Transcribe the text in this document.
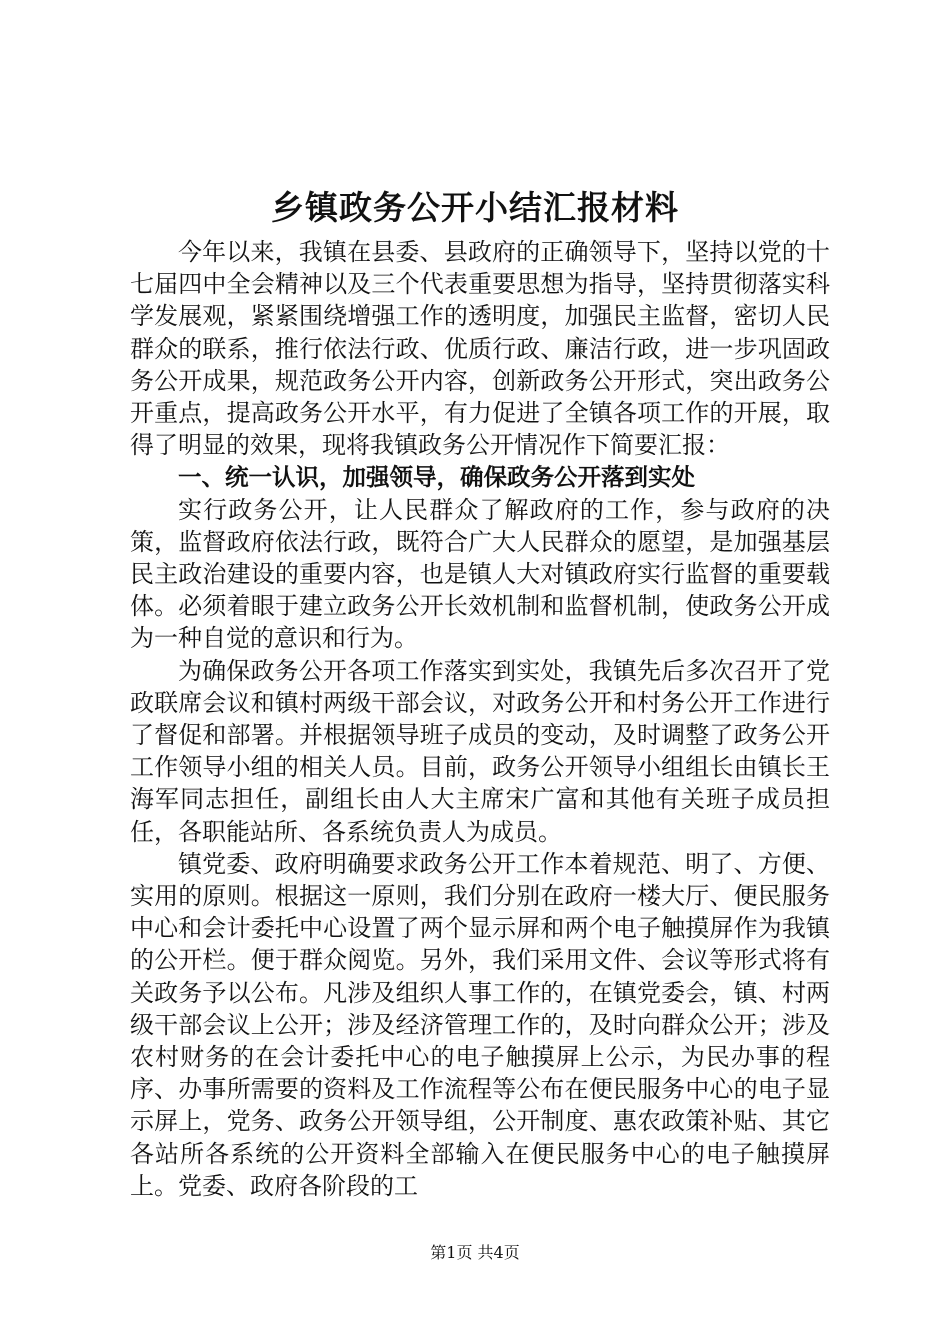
乡镇政务公开小结汇报材料

今年以来，我镇在县委、县政府的正确领导下，坚持以党的十七届四中全会精神以及三个代表重要思想为指导，坚持贯彻落实科学发展观，紧紧围绕增强工作的透明度，加强民主监督，密切人民群众的联系，推行依法行政、优质行政、廉洁行政，进一步巩固政务公开成果，规范政务公开内容，创新政务公开形式，突出政务公开重点，提高政务公开水平，有力促进了全镇各项工作的开展，取得了明显的效果，现将我镇政务公开情况作下简要汇报：

一、统一认识，加强领导，确保政务公开落到实处

实行政务公开，让人民群众了解政府的工作，参与政府的决策，监督政府依法行政，既符合广大人民群众的愿望，是加强基层民主政治建设的重要内容，也是镇人大对镇政府实行监督的重要载体。必须着眼于建立政务公开长效机制和监督机制，使政务公开成为一种自觉的意识和行为。

为确保政务公开各项工作落实到实处，我镇先后多次召开了党政联席会议和镇村两级干部会议，对政务公开和村务公开工作进行了督促和部署。并根据领导班子成员的变动，及时调整了政务公开工作领导小组的相关人员。目前，政务公开领导小组组长由镇长王海军同志担任，副组长由人大主席宋广富和其他有关班子成员担任，各职能站所、各系统负责人为成员。

镇党委、政府明确要求政务公开工作本着规范、明了、方便、实用的原则。根据这一原则，我们分别在政府一楼大厅、便民服务中心和会计委托中心设置了两个显示屏和两个电子触摸屏作为我镇的公开栏。便于群众阅览。另外，我们采用文件、会议等形式将有关政务予以公布。凡涉及组织人事工作的，在镇党委会，镇、村两级干部会议上公开；涉及经济管理工作的，及时向群众公开；涉及农村财务的在会计委托中心的电子触摸屏上公示，为民办事的程序、办事所需要的资料及工作流程等公布在便民服务中心的电子显示屏上，党务、政务公开领导组，公开制度、惠农政策补贴、其它各站所各系统的公开资料全部输入在便民服务中心的电子触摸屏上。党委、政府各阶段的工

第1页 共4页
